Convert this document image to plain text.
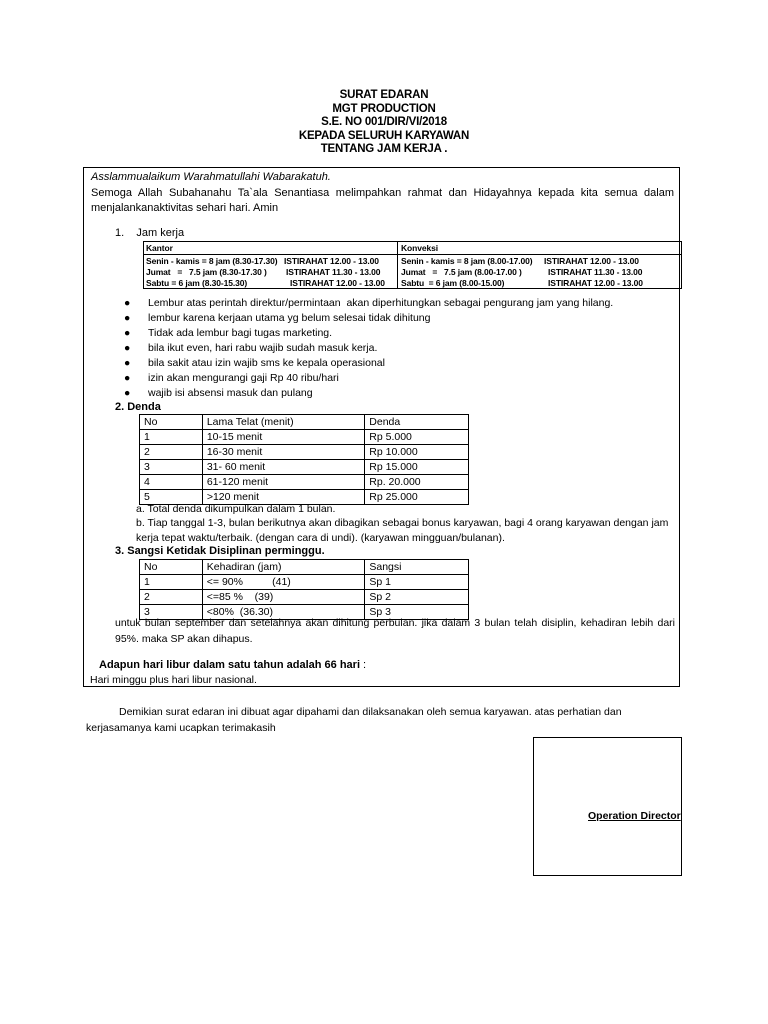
SURAT EDARAN
MGT PRODUCTION
S.E. NO 001/DIR/VI/2018
KEPADA SELURUH KARYAWAN
TENTANG JAM KERJA .
Asslammualaikum Warahmatullahi Wabarakatuh.
Semoga Allah Subahanahu Ta`ala Senantiasa melimpahkan rahmat dan Hidayahnya kepada kita semua dalam menjalankanaktivitas sehari hari. Amin
1.    Jam kerja
Kantor
Senin - kamis = 8 jam (8.30-17.30) ISTIRAHAT 12.00 - 13.00
Jumat   =   7.5 jam (8.30-17.30 ) ISTIRAHAT 11.30 - 13.00
Sabtu = 6 jam (8.30-15.30)	ISTIRAHAT 12.00 - 13.00
Konveksi
Senin - kamis = 8 jam (8.00-17.00) ISTIRAHAT 12.00 - 13.00
Jumat   =   7.5 jam (8.00-17.00 )	ISTIRAHAT 11.30 - 13.00
Sabtu  = 6 jam (8.00-15.00)	ISTIRAHAT 12.00 - 13.00
● Lembur atas perintah direktur/permintaan  akan diperhitungkan sebagai pengurang jam yang hilang.
● lembur karena kerjaan utama yg belum selesai tidak dihitung
● Tidak ada lembur bagi tugas marketing.
● bila ikut even, hari rabu wajib sudah masuk kerja.
● bila sakit atau izin wajib sms ke kepala operasional
● izin akan mengurangi gaji Rp 40 ribu/hari
● wajib isi absensi masuk dan pulang
2. Denda
No	Lama Telat (menit)	Denda
1	10-15 menit	Rp 5.000
2	16-30 menit	Rp 10.000
3	31- 60 menit	Rp 15.000
4	61-120 menit	Rp. 20.000
5	>120 menit	Rp 25.000
a. Total denda dikumpulkan dalam 1 bulan.
b. Tiap tanggal 1-3, bulan berikutnya akan dibagikan sebagai bonus karyawan, bagi 4 orang karyawan dengan jam kerja tepat waktu/terbaik. (dengan cara di undi). (karyawan mingguan/bulanan).
3. Sangsi Ketidak Disiplinan perminggu.
No	Kehadiran (jam)	Sangsi
1	<= 90%          (41)	Sp 1
2	<=85 %    (39)	Sp 2
3	<80%  (36.30)	Sp 3
untuk bulan september dan setelahnya akan dihitung perbulan. jika dalam 3 bulan telah disiplin, kehadiran lebih dari 95%. maka SP akan dihapus.
Adapun hari libur dalam satu tahun adalah 66 hari :
Hari minggu plus hari libur nasional.
Demikian surat edaran ini dibuat agar dipahami dan dilaksanakan oleh semua karyawan. atas perhatian dan kerjasamanya kami ucapkan terimakasih
Operation Director
